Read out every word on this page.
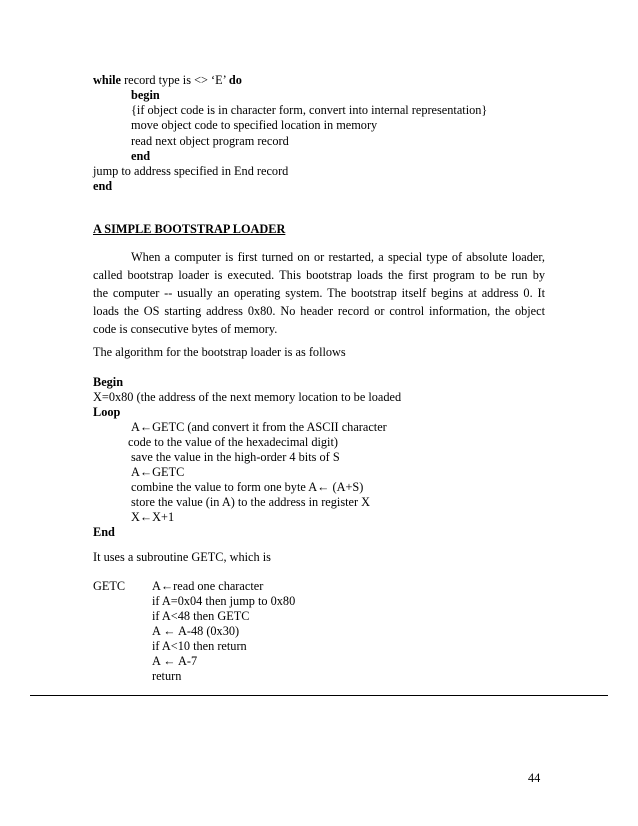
while record type is <> ‘E’ do
begin
{if object code is in character form, convert into internal representation}
move object code to specified location in memory
read next object program record
end
jump to address specified in End record
end
A SIMPLE BOOTSTRAP LOADER
When a computer is first turned on or restarted, a special type of absolute loader,
called bootstrap loader is executed. This bootstrap loads the first program to be run by
the computer -- usually an operating system. The bootstrap itself begins at address 0. It
loads the OS starting address 0x80. No header record or control information, the object
code is consecutive bytes of memory.
The algorithm for the bootstrap loader is as follows
Begin
X=0x80 (the address of the next memory location to be loaded
Loop
A←GETC (and convert it from the ASCII character
code to the value of the hexadecimal digit)
save the value in the high-order 4 bits of S
A←GETC
combine the value to form one byte A← (A+S)
store the value (in A) to the address in register X
X←X+1
End
It uses a subroutine GETC, which is
GETC A←read one character
if A=0x04 then jump to 0x80
if A<48 then GETC
A ← A-48 (0x30)
if A<10 then return
A ← A-7
return
44
